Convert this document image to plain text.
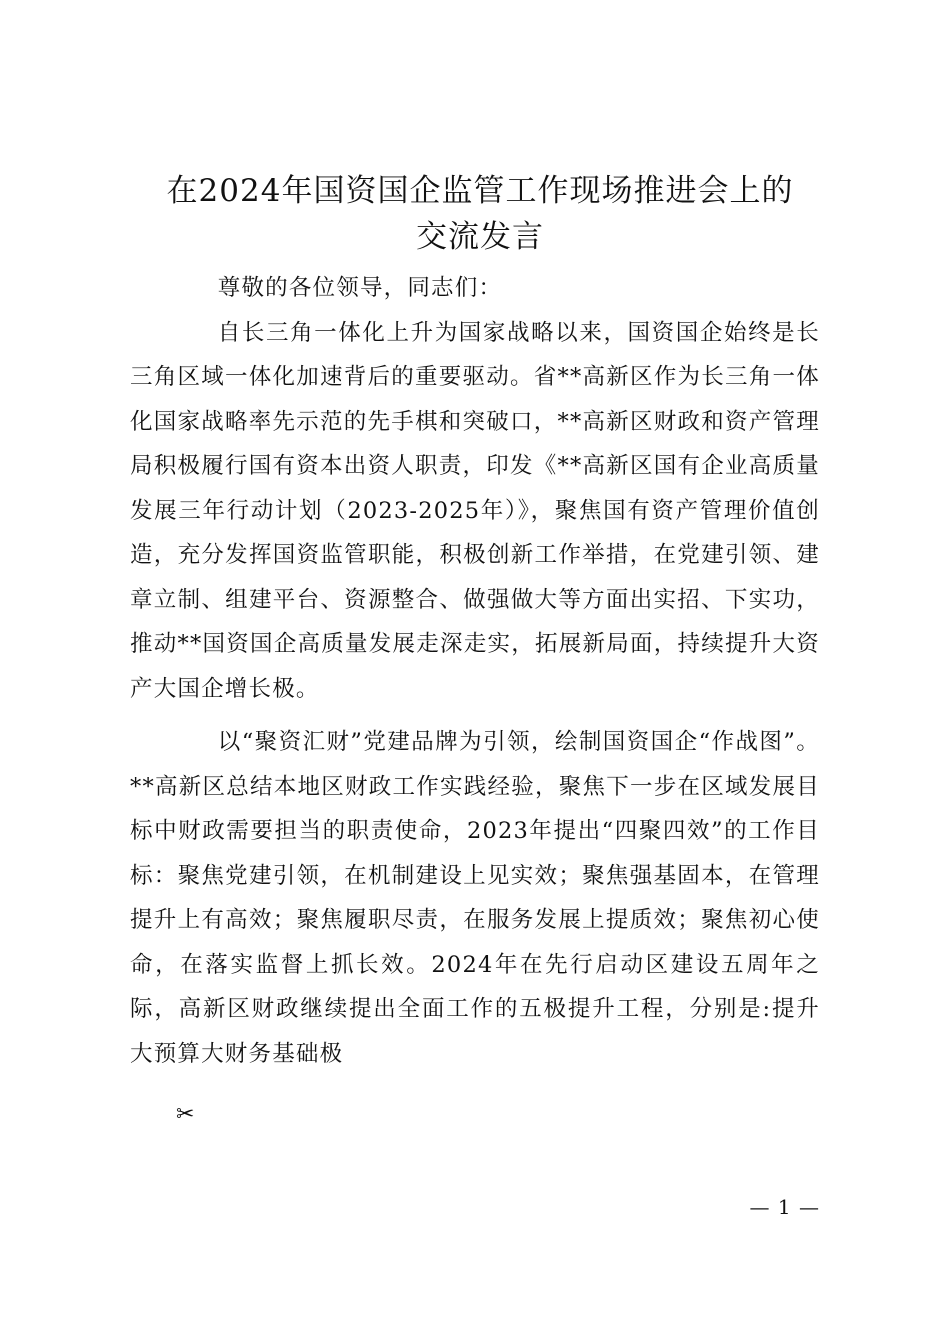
在2024年国资国企监管工作现场推进会上的
交流发言

尊敬的各位领导，同志们：

自长三角一体化上升为国家战略以来，国资国企始终是长三角区域一体化加速背后的重要驱动。省**高新区作为长三角一体化国家战略率先示范的先手棋和突破口，**高新区财政和资产管理局积极履行国有资本出资人职责，印发《**高新区国有企业高质量发展三年行动计划（2023-2025年）》，聚焦国有资产管理价值创造，充分发挥国资监管职能，积极创新工作举措，在党建引领、建章立制、组建平台、资源整合、做强做大等方面出实招、下实功，推动**国资国企高质量发展走深走实，拓展新局面，持续提升大资产大国企增长极。

以“聚资汇财”党建品牌为引领，绘制国资国企“作战图”。**高新区总结本地区财政工作实践经验，聚焦下一步在区域发展目标中财政需要担当的职责使命，2023年提出“四聚四效”的工作目标：聚焦党建引领，在机制建设上见实效；聚焦强基固本，在管理提升上有高效；聚焦履职尽责，在服务发展上提质效；聚焦初心使命，在落实监督上抓长效。2024年在先行启动区建设五周年之际，高新区财政继续提出全面工作的五极提升工程，分别是:提升大预算大财务基础极

✂
— 1 —
